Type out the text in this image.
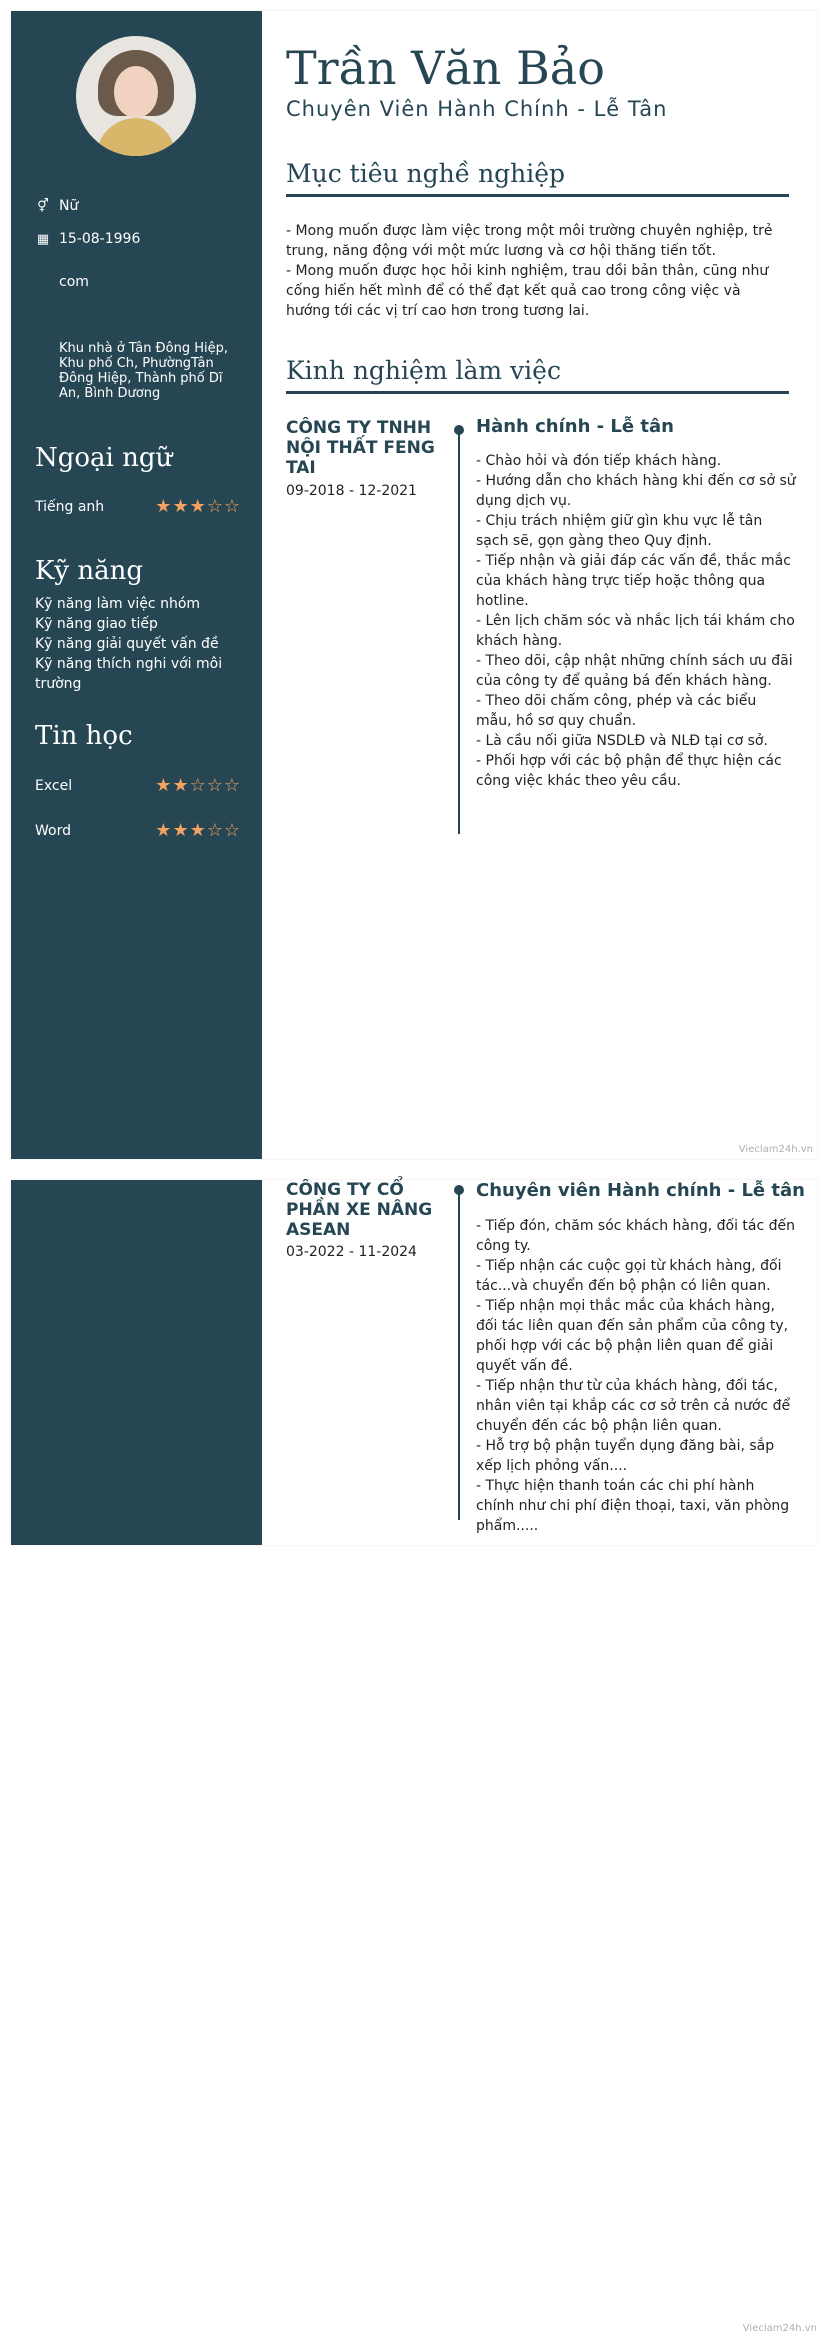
⚥ Nữ
▦ 15-08-1996
com
Khu nhà ở Tân Đông Hiệp, Khu phố Ch, PhườngTân Đông Hiệp, Thành phố Dĩ An, Bình Dương
Ngoại ngữ
Tiếng anh	★ ★ ★ ☆ ☆
Kỹ năng
Kỹ năng làm việc nhóm
Kỹ năng giao tiếp
Kỹ năng giải quyết vấn đề
Kỹ năng thích nghi với môi trường
Tin học
Excel	★ ★ ☆ ☆ ☆
Word	★ ★ ★ ☆ ☆
Trần Văn Bảo
Chuyên Viên Hành Chính - Lễ Tân
Mục tiêu nghề nghiệp
- Mong muốn được làm việc trong một môi trường chuyên nghiệp, trẻ trung, năng động với một mức lương và cơ hội thăng tiến tốt.
- Mong muốn được học hỏi kinh nghiệm, trau dồi bản thân, cũng như cống hiến hết mình để có thể đạt kết quả cao trong công việc và hướng tới các vị trí cao hơn trong tương lai.
Kinh nghiệm làm việc
CÔNG TY TNHH NỘI THẤT FENG TAI
09-2018 - 12-2021
Hành chính - Lễ tân
- Chào hỏi và đón tiếp khách hàng.
- Hướng dẫn cho khách hàng khi đến cơ sở sử dụng dịch vụ.
- Chịu trách nhiệm giữ gìn khu vực lễ tân sạch sẽ, gọn gàng theo Quy định.
- Tiếp nhận và giải đáp các vấn đề, thắc mắc của khách hàng trực tiếp hoặc thông qua hotline.
- Lên lịch chăm sóc và nhắc lịch tái khám cho khách hàng.
- Theo dõi, cập nhật những chính sách ưu đãi của công ty để quảng bá đến khách hàng.
- Theo dõi chấm công, phép và các biểu mẫu, hồ sơ quy chuẩn.
- Là cầu nối giữa NSDLĐ và NLĐ tại cơ sở.
- Phối hợp với các bộ phận để thực hiện các công việc khác theo yêu cầu.
Vieclam24h.vn
CÔNG TY CỔ PHẦN XE NÂNG ASEAN
03-2022 - 11-2024
Chuyên viên Hành chính - Lễ tân
- Tiếp đón, chăm sóc khách hàng, đối tác đến công ty.
- Tiếp nhận các cuộc gọi từ khách hàng, đối tác...và chuyển đến bộ phận có liên quan.
- Tiếp nhận mọi thắc mắc của khách hàng, đối tác liên quan đến sản phẩm của công ty, phối hợp với các bộ phận liên quan để giải quyết vấn đề.
- Tiếp nhận thư từ của khách hàng, đối tác, nhân viên tại khắp các cơ sở trên cả nước để chuyển đến các bộ phận liên quan.
- Hỗ trợ bộ phận tuyển dụng đăng bài, sắp xếp lịch phỏng vấn....
- Thực hiện thanh toán các chi phí hành chính như chi phí điện thoại, taxi, văn phòng phẩm.....
Vieclam24h.vn
